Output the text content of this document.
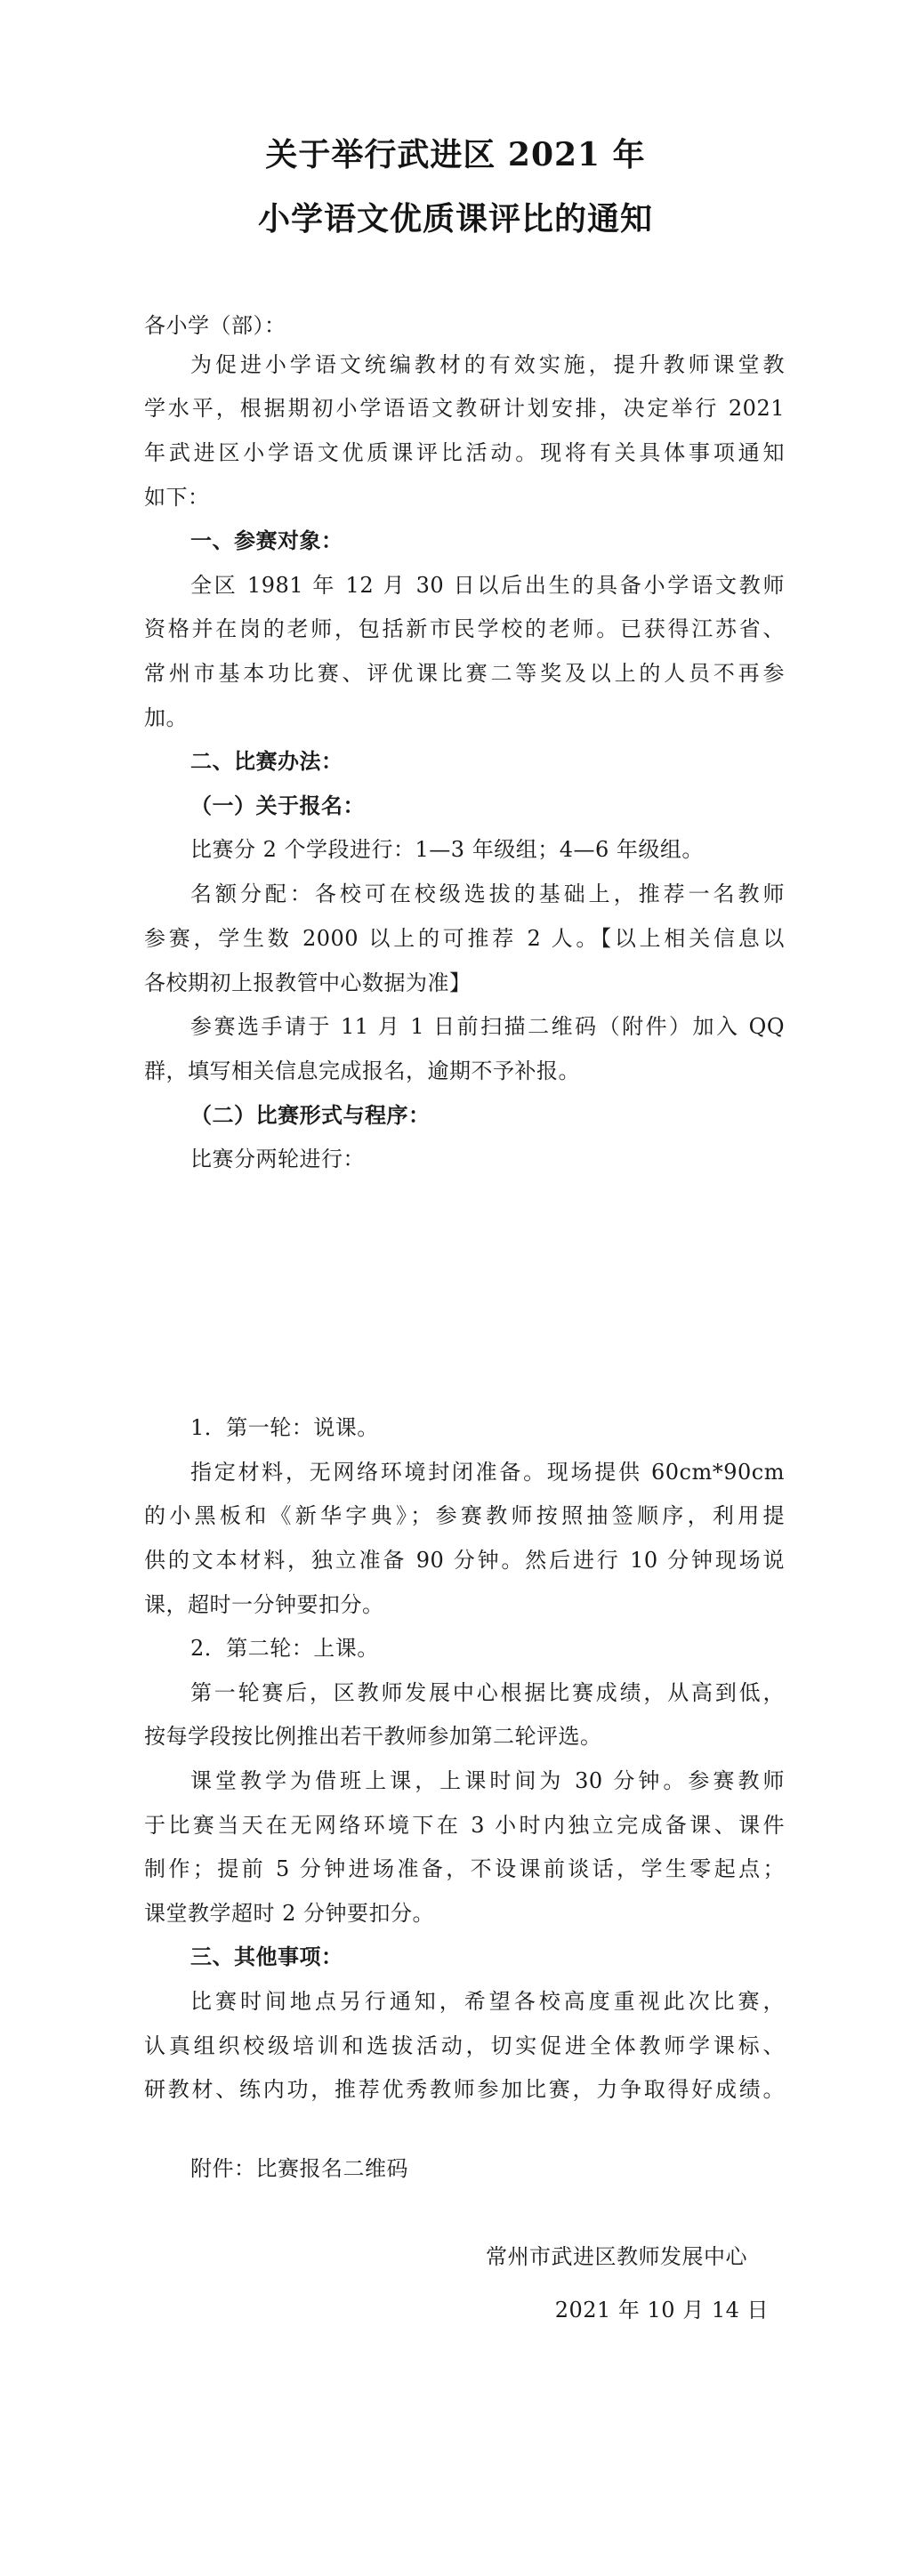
关于举行武进区 2021 年
小学语文优质课评比的通知
各小学（部）：
为促进小学语文统编教材的有效实施，提升教师课堂教
学水平，根据期初小学语语文教研计划安排，决定举行 2021
年武进区小学语文优质课评比活动。现将有关具体事项通知
如下：
一、参赛对象：
全区 1981 年 12 月 30 日以后出生的具备小学语文教师
资格并在岗的老师，包括新市民学校的老师。已获得江苏省、
常州市基本功比赛、评优课比赛二等奖及以上的人员不再参
加。
二、比赛办法：
（一）关于报名：
比赛分 2 个学段进行：1—3 年级组；4—6 年级组。
名额分配：各校可在校级选拔的基础上，推荐一名教师
参赛，学生数 2000 以上的可推荐 2 人。【以上相关信息以
各校期初上报教管中心数据为准】
参赛选手请于 11 月 1 日前扫描二维码（附件）加入 QQ
群，填写相关信息完成报名，逾期不予补报。
（二）比赛形式与程序：
比赛分两轮进行：
1．第一轮：说课。
指定材料，无网络环境封闭准备。现场提供 60cm*90cm
的小黑板和《新华字典》；参赛教师按照抽签顺序，利用提
供的文本材料，独立准备 90 分钟。然后进行 10 分钟现场说
课，超时一分钟要扣分。
2．第二轮：上课。
第一轮赛后，区教师发展中心根据比赛成绩，从高到低，
按每学段按比例推出若干教师参加第二轮评选。
课堂教学为借班上课，上课时间为 30 分钟。参赛教师
于比赛当天在无网络环境下在 3 小时内独立完成备课、课件
制作；提前 5 分钟进场准备，不设课前谈话，学生零起点；
课堂教学超时 2 分钟要扣分。
三、其他事项：
比赛时间地点另行通知，希望各校高度重视此次比赛，
认真组织校级培训和选拔活动，切实促进全体教师学课标、
研教材、练内功，推荐优秀教师参加比赛，力争取得好成绩。
附件：比赛报名二维码
常州市武进区教师发展中心
2021 年 10 月 14 日
